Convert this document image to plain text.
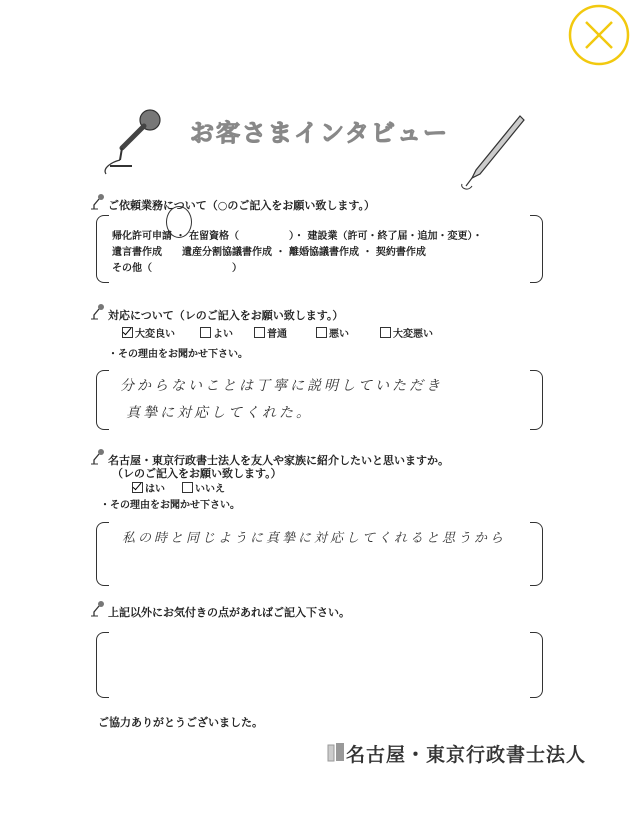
お客さまインタビュー
ご依頼業務について（○のご記入をお願い致します。）
帰化許可申請 ・ 在留資格（　　　　　）・ 建設業（許可・終了届・追加・変更）・
遺言書作成　　遺産分割協議書作成 ・ 離婚協議書作成 ・ 契約書作成
その他（　　　　　　　　）
対応について（レのご記入をお願い致します。）
大変良い	よい	普通	悪い	大変悪い
・その理由をお聞かせ下さい。
分からないことは丁寧に説明していただき
真摯に対応してくれた。
名古屋・東京行政書士法人を友人や家族に紹介したいと思いますか。
（レのご記入をお願い致します。）
はい	いいえ
・その理由をお聞かせ下さい。
私の時と同じように真摯に対応してくれると思うから
上記以外にお気付きの点があればご記入下さい。
ご協力ありがとうございました。
名古屋・東京行政書士法人
